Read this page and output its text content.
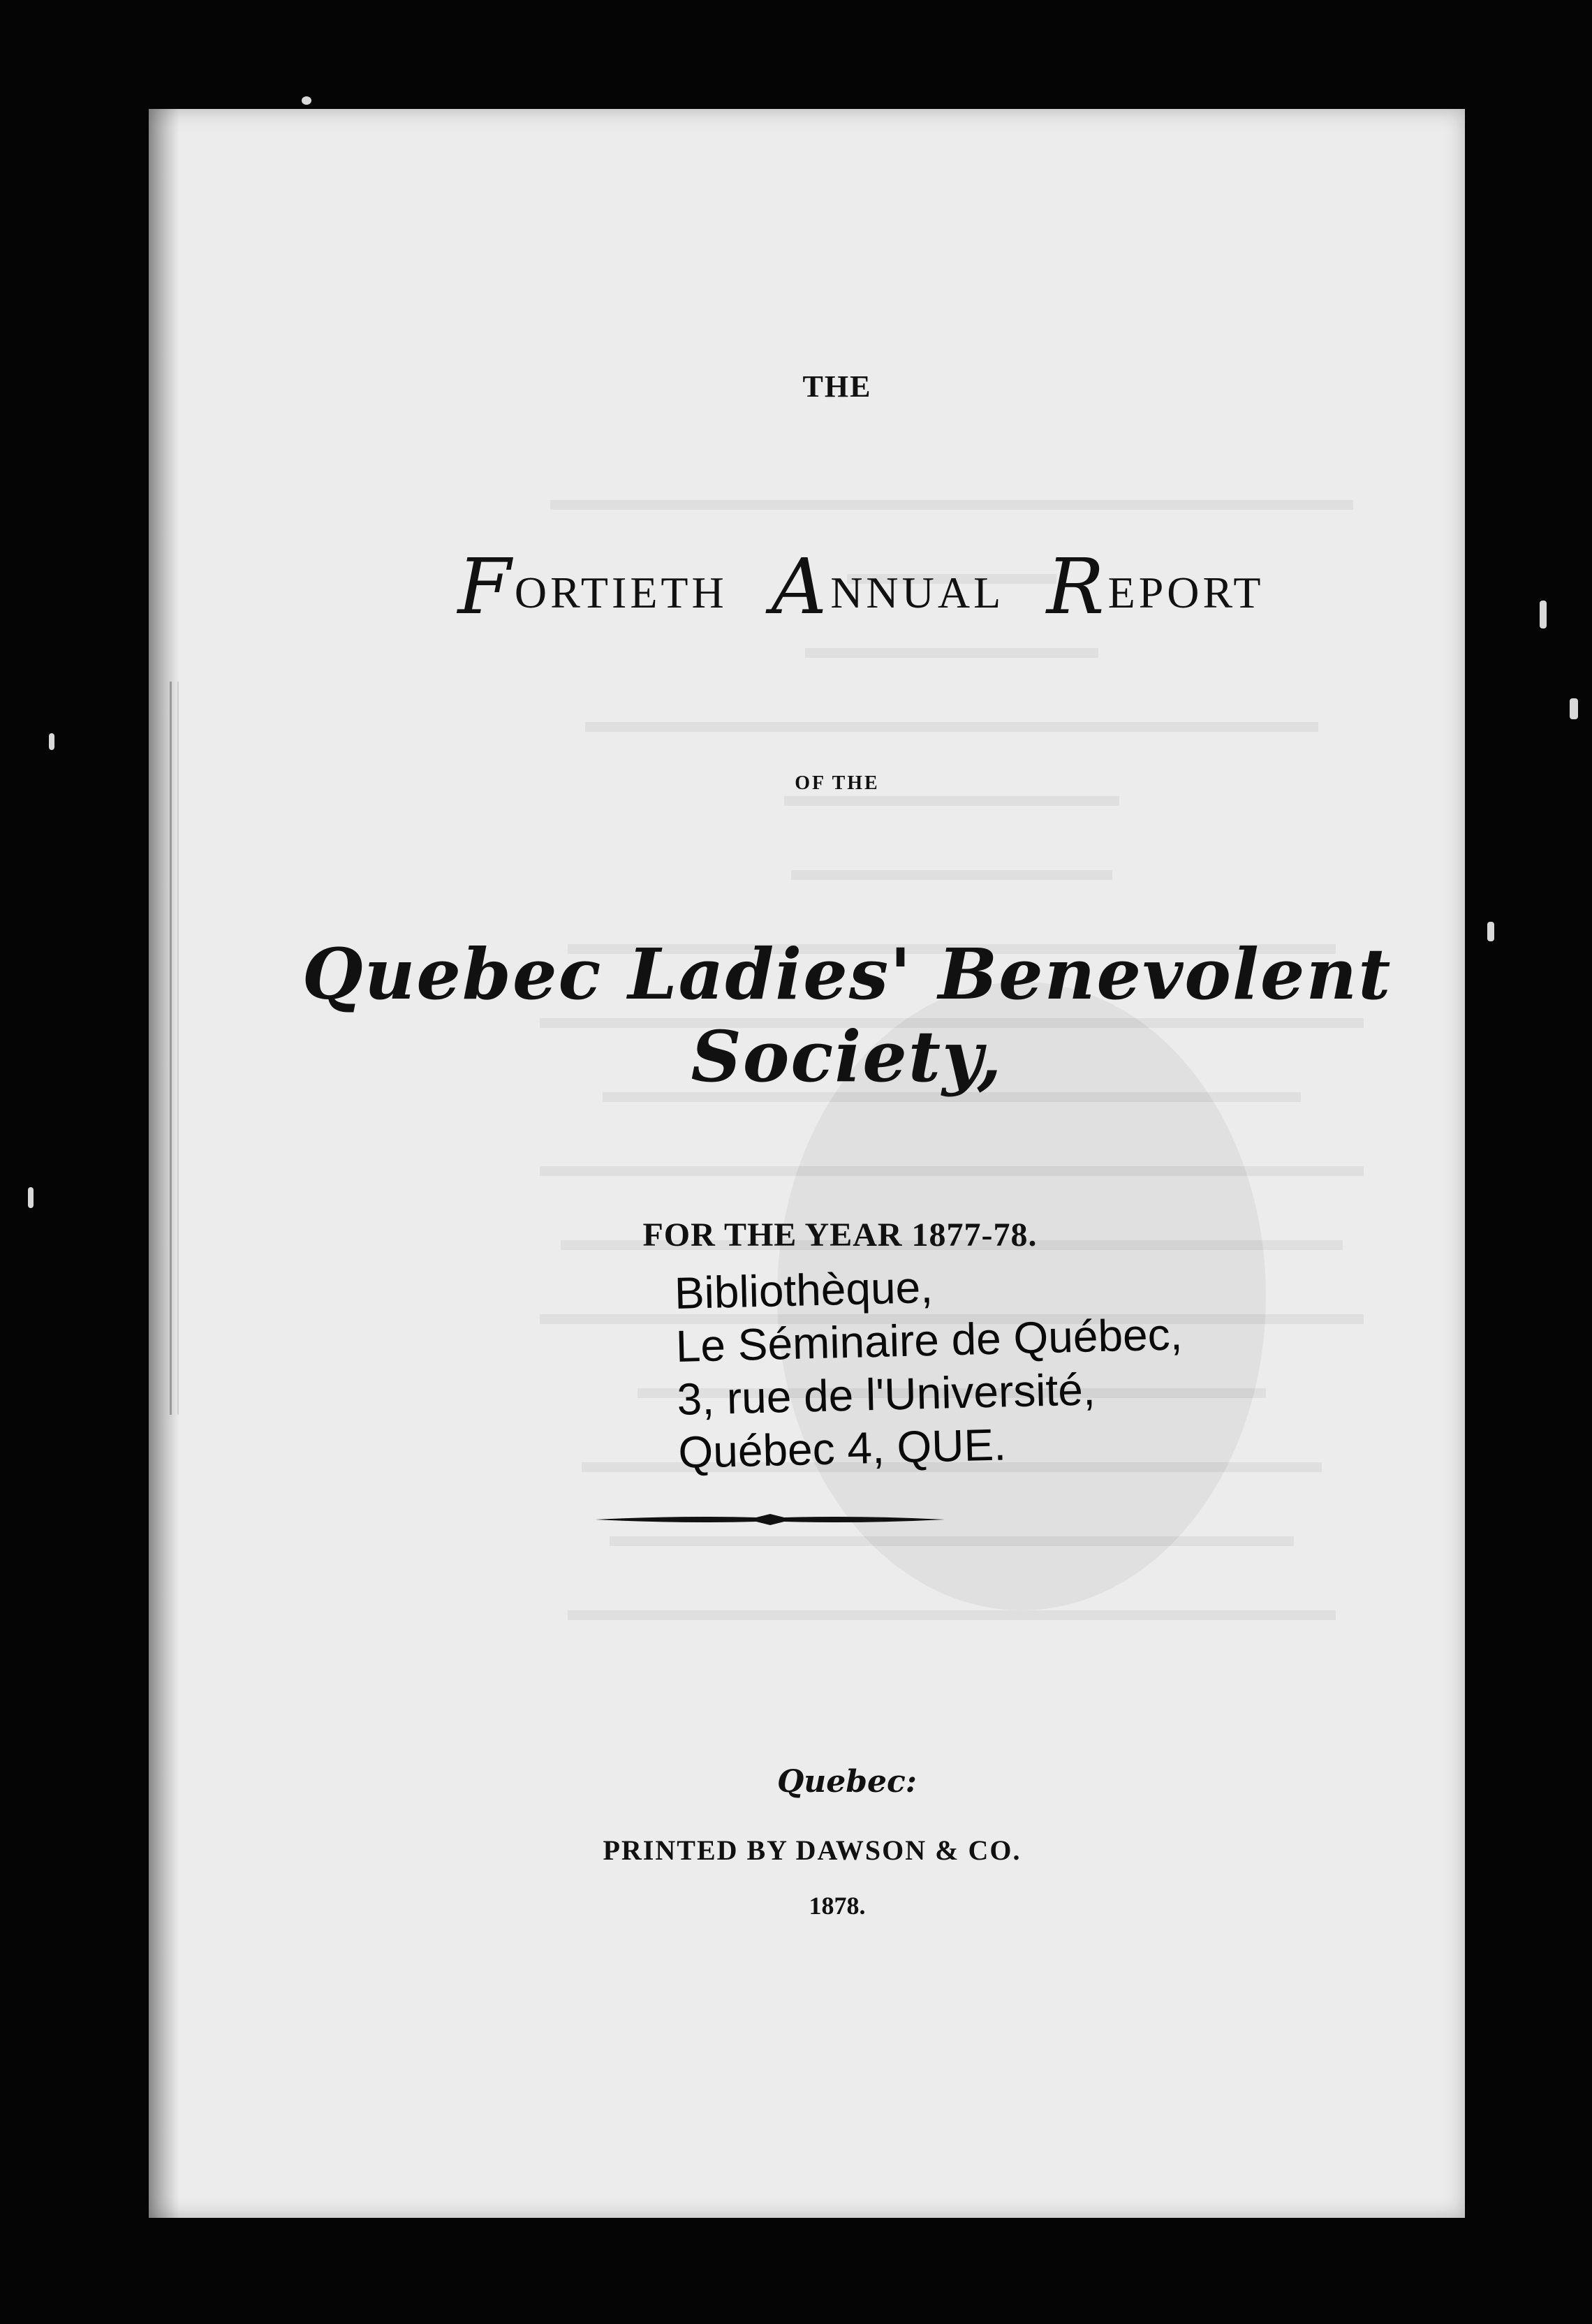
THE
FORTIETH ANNUAL REPORT
OF THE
Quebec Ladies' Benevolent Society,
FOR THE YEAR 1877-78.
Bibliothèque,
Le Séminaire de Québec,
3, rue de l'Université,
Québec 4, QUE.
Quebec:
PRINTED BY DAWSON & CO.
1878.
